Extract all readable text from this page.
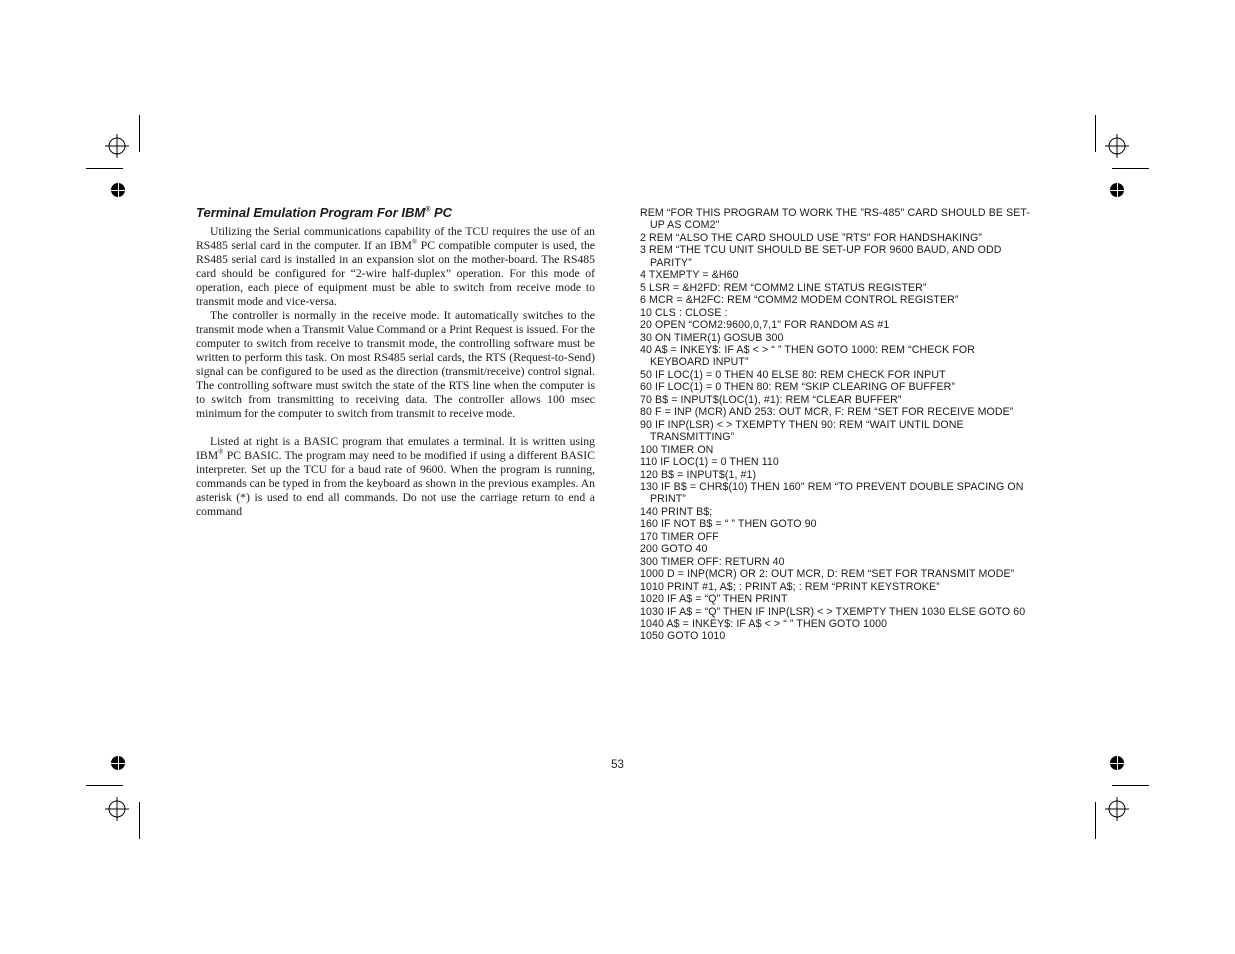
Terminal Emulation Program For IBM® PC

Utilizing the Serial communications capability of the TCU requires the use of an RS485 serial card in the computer. If an IBM® PC compatible computer is used, the RS485 serial card is installed in an expansion slot on the mother-board. The RS485 card should be configured for “2-wire half-duplex” operation. For this mode of operation, each piece of equipment must be able to switch from receive mode to transmit mode and vice-versa.

The controller is normally in the receive mode. It automatically switches to the transmit mode when a Transmit Value Command or a Print Request is issued. For the computer to switch from receive to transmit mode, the controlling software must be written to perform this task. On most RS485 serial cards, the RTS (Request-to-Send) signal can be configured to be used as the direction (transmit/receive) control signal. The controlling software must switch the state of the RTS line when the computer is to switch from transmitting to receiving data. The controller allows 100 msec minimum for the computer to switch from transmit to receive mode.

Listed at right is a BASIC program that emulates a terminal. It is written using IBM® PC BASIC. The program may need to be modified if using a different BASIC interpreter. Set up the TCU for a baud rate of 9600. When the program is running, commands can be typed in from the keyboard as shown in the previous examples. An asterisk (*) is used to end all commands. Do not use the carriage return to end a command

REM “FOR THIS PROGRAM TO WORK THE ”RS-485" CARD SHOULD BE SET-UP AS COM2"

2 REM “ALSO THE CARD SHOULD USE ”RTS" FOR HANDSHAKING"

3 REM “THE TCU UNIT SHOULD BE SET-UP FOR 9600 BAUD, AND ODD PARITY”

4 TXEMPTY = &H60

5 LSR = &H2FD: REM “COMM2 LINE STATUS REGISTER”

6 MCR = &H2FC: REM “COMM2 MODEM CONTROL REGISTER”

10 CLS : CLOSE :

20 OPEN “COM2:9600,0,7,1" FOR RANDOM AS #1

30 ON TIMER(1) GOSUB 300

40 A$ = INKEY$: IF A$ < > “ ” THEN GOTO 1000: REM “CHECK FOR KEYBOARD INPUT”

50 IF LOC(1) = 0 THEN 40 ELSE 80: REM CHECK FOR INPUT

60 IF LOC(1) = 0 THEN 80: REM “SKIP CLEARING OF BUFFER”

70 B$ = INPUT$(LOC(1), #1): REM “CLEAR BUFFER”

80 F = INP (MCR) AND 253: OUT MCR, F: REM “SET FOR RECEIVE MODE”

90 IF INP(LSR) < > TXEMPTY THEN 90: REM “WAIT UNTIL DONE TRANSMITTING”

100 TIMER ON

110 IF LOC(1) = 0 THEN 110

120 B$ = INPUT$(1, #1)

130 IF B$ = CHR$(10) THEN 160" REM “TO PREVENT DOUBLE SPACING ON PRINT”

140 PRINT B$;

160 IF NOT B$ = “ ” THEN GOTO 90

170 TIMER OFF

200 GOTO 40

300 TIMER OFF: RETURN 40

1000 D = INP(MCR) OR 2: OUT MCR, D: REM “SET FOR TRANSMIT MODE”

1010 PRINT #1, A$; : PRINT A$; : REM “PRINT KEYSTROKE”

1020 IF A$ = “Q” THEN PRINT

1030 IF A$ = “Q” THEN IF INP(LSR) < > TXEMPTY THEN 1030 ELSE GOTO 60

1040 A$ = INKEY$: IF A$ < > “ ” THEN GOTO 1000

1050 GOTO 1010

53
